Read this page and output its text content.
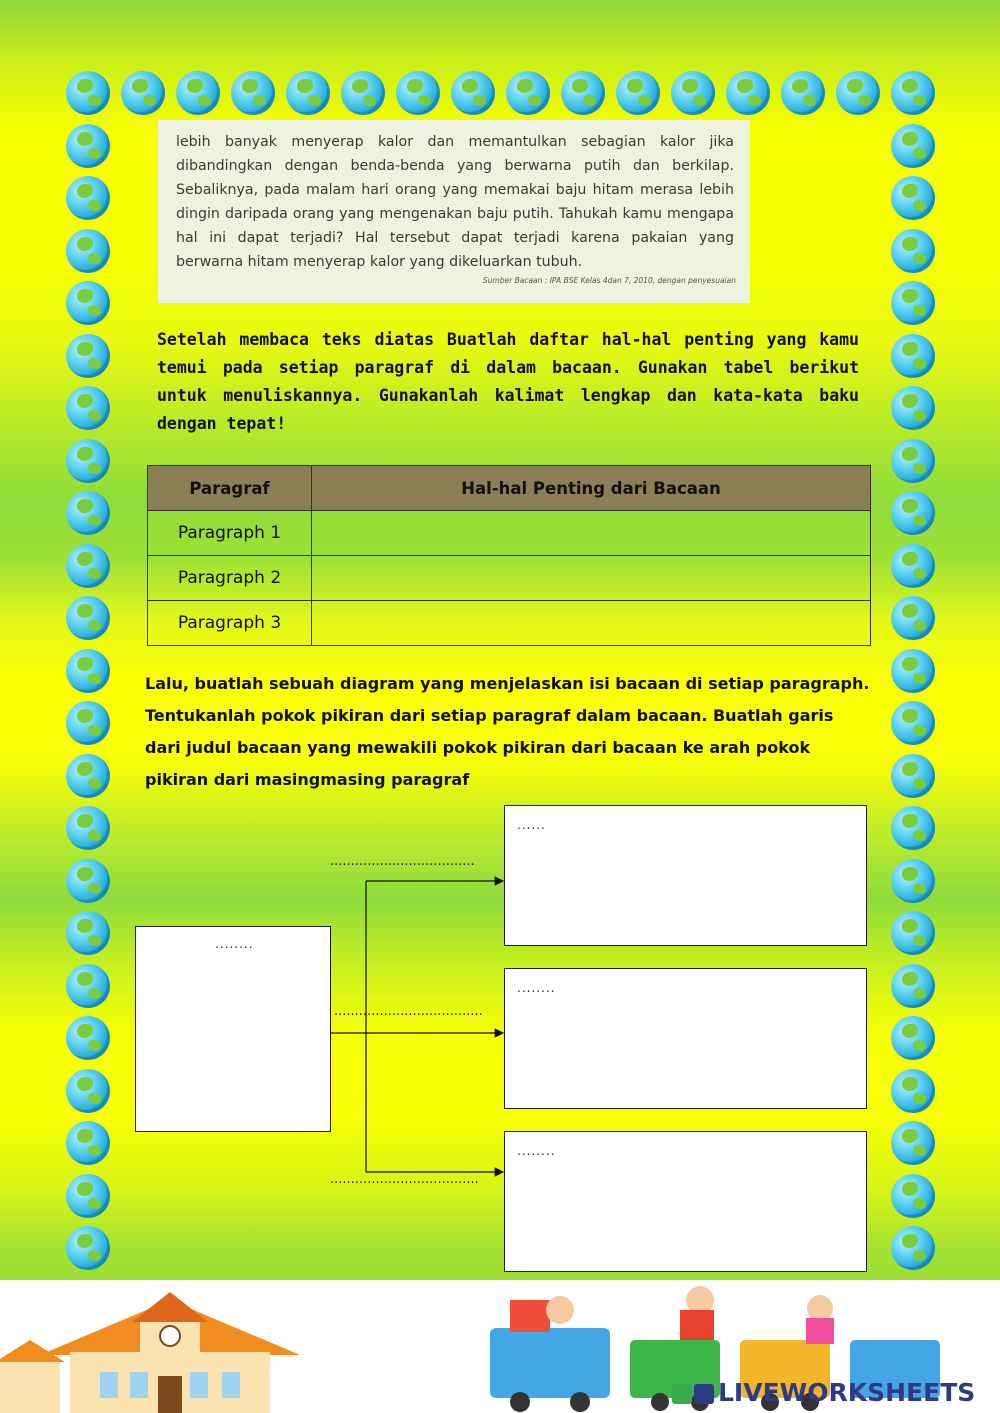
lebih banyak menyerap kalor dan memantulkan sebagian kalor jika dibandingkan dengan benda-benda yang berwarna putih dan berkilap. Sebaliknya, pada malam hari orang yang memakai baju hitam merasa lebih dingin daripada orang yang mengenakan baju putih. Tahukah kamu mengapa hal ini dapat terjadi? Hal tersebut dapat terjadi karena pakaian yang berwarna hitam menyerap kalor yang dikeluarkan tubuh.

Sumber Bacaan : IPA BSE Kelas 4dan 7, 2010, dengan penyesuaian

Setelah membaca teks diatas Buatlah daftar hal-hal penting yang kamu temui pada setiap paragraf di dalam bacaan. Gunakan tabel berikut untuk menuliskannya. Gunakanlah kalimat lengkap dan kata-kata baku dengan tepat!

Paragraf	Hal-hal Penting dari Bacaan
Paragraph 1	
Paragraph 2	
Paragraph 3	

Lalu, buatlah sebuah diagram yang menjelaskan isi bacaan di setiap paragraph. Tentukanlah pokok pikiran dari setiap paragraf dalam bacaan. Buatlah garis dari judul bacaan yang mewakili pokok pikiran dari bacaan ke arah pokok pikiran dari masingmasing paragraf

...................................
....................................
....................................
........
......
........
........
LIVEWORKSHEETS
